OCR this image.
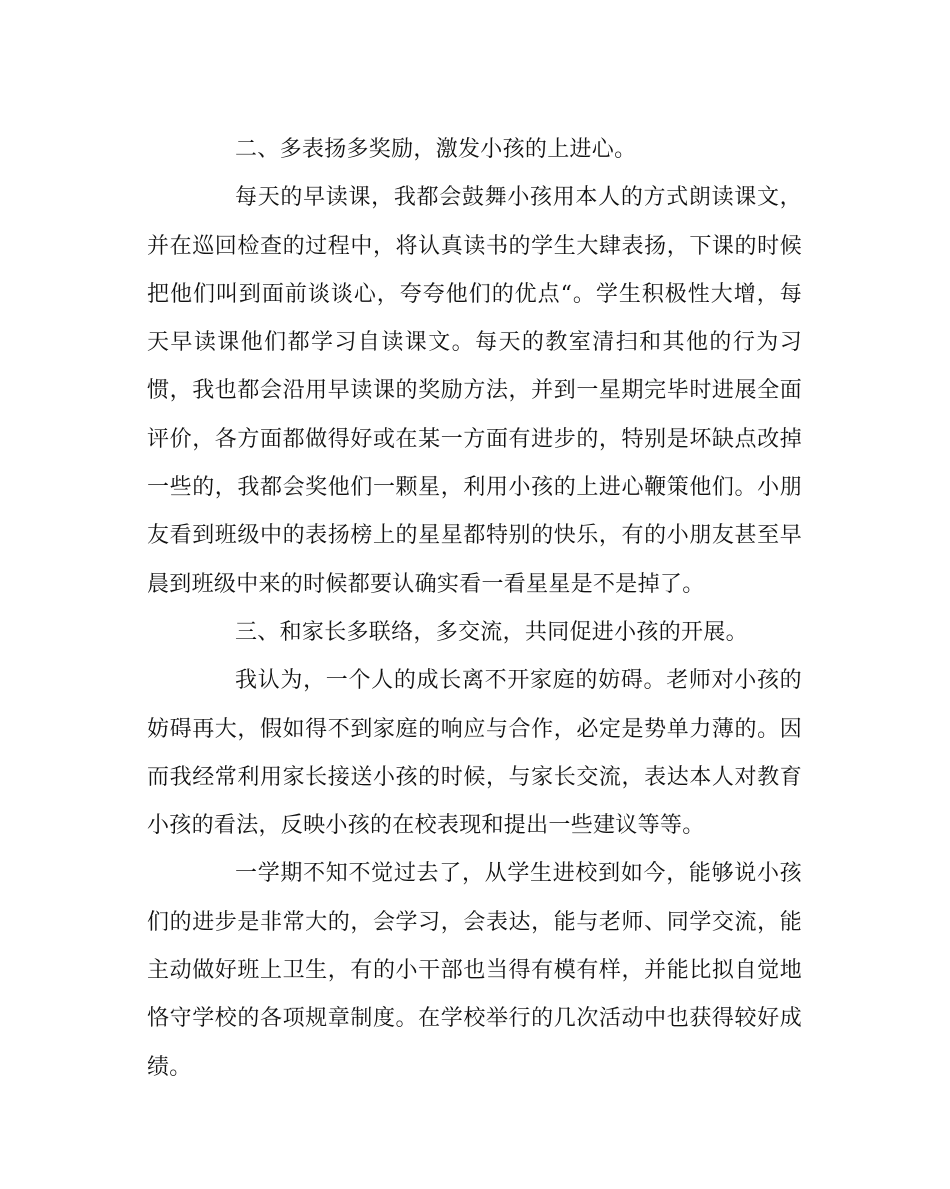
二、多表扬多奖励，激发小孩的上进心。

每天的早读课，我都会鼓舞小孩用本人的方式朗读课文，并在巡回检查的过程中，将认真读书的学生大肆表扬，下课的时候把他们叫到面前谈谈心，夸夸他们的优点“。学生积极性大增，每天早读课他们都学习自读课文。每天的教室清扫和其他的行为习惯，我也都会沿用早读课的奖励方法，并到一星期完毕时进展全面评价，各方面都做得好或在某一方面有进步的，特别是坏缺点改掉一些的，我都会奖他们一颗星，利用小孩的上进心鞭策他们。小朋友看到班级中的表扬榜上的星星都特别的快乐，有的小朋友甚至早晨到班级中来的时候都要认确实看一看星星是不是掉了。

三、和家长多联络，多交流，共同促进小孩的开展。

我认为，一个人的成长离不开家庭的妨碍。老师对小孩的妨碍再大，假如得不到家庭的响应与合作，必定是势单力薄的。因而我经常利用家长接送小孩的时候，与家长交流，表达本人对教育小孩的看法，反映小孩的在校表现和提出一些建议等等。

一学期不知不觉过去了，从学生进校到如今，能够说小孩们的进步是非常大的，会学习，会表达，能与老师、同学交流，能主动做好班上卫生，有的小干部也当得有模有样，并能比拟自觉地恪守学校的各项规章制度。在学校举行的几次活动中也获得较好成绩。
